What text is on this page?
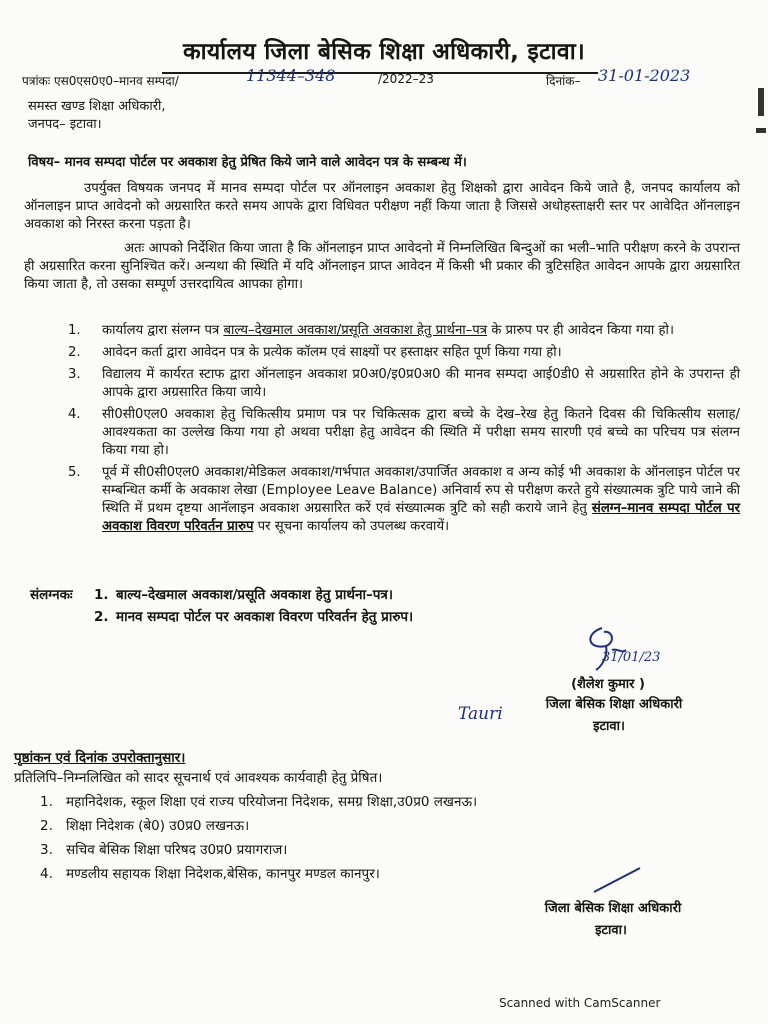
कार्यालय जिला बेसिक शिक्षा अधिकारी, इटावा।
पत्रांकः एस0एस0ए0–मानव सम्पदा/	11344–348	/2022–23	दिनांक– 31-01-2023
समस्त खण्ड शिक्षा अधिकारी,
जनपद– इटावा।
विषय– मानव सम्पदा पोर्टल पर अवकाश हेतु प्रेषित किये जाने वाले आवेदन पत्र के सम्बन्ध में।
उपर्युक्त विषयक जनपद में मानव सम्पदा पोर्टल पर ऑनलाइन अवकाश हेतु शिक्षको द्वारा आवेदन किये जाते है, जनपद कार्यालय को ऑनलाइन प्राप्त आवेदनो को अग्रसारित करते समय आपके द्वारा विधिवत परीक्षण नहीं किया जाता है जिससे अधोहस्ताक्षरी स्तर पर आवेदित ऑनलाइन अवकाश को निरस्त करना पड़ता है।
अतः आपको निर्देशित किया जाता है कि ऑनलाइन प्राप्त आवेदनो में निम्नलिखित बिन्दुओं का भली–भाति परीक्षण करने के उपरान्त ही अग्रसारित करना सुनिश्चित करें। अन्यथा की स्थिति में यदि ऑनलाइन प्राप्त आवेदन में किसी भी प्रकार की त्रुटिसहित आवेदन आपके द्वारा अग्रसारित किया जाता है, तो उसका सम्पूर्ण उत्तरदायित्व आपका होगा।
1.	कार्यालय द्वारा संलग्न पत्र बाल्य–देखमाल अवकाश/प्रसूति अवकाश हेतु प्रार्थना–पत्र के प्रारुप पर ही आवेदन किया गया हो।
2.	आवेदन कर्ता द्वारा आवेदन पत्र के प्रत्येक कॉलम एवं साक्ष्यों पर हस्ताक्षर सहित पूर्ण किया गया हो।
3.	विद्यालय में कार्यरत स्टाफ द्वारा ऑनलाइन अवकाश प्र0अ0/इ0प्र0अ0 की मानव सम्पदा आई0डी0 से अग्रसारित होने के उपरान्त ही आपके द्वारा अग्रसारित किया जाये।
4.	सी0सी0एल0 अवकाश हेतु चिकित्सीय प्रमाण पत्र पर चिकित्सक द्वारा बच्चे के देख–रेख हेतु कितने दिवस की चिकित्सीय सलाह/आवश्यकता का उल्लेख किया गया हो अथवा परीक्षा हेतु आवेदन की स्थिति में परीक्षा समय सारणी एवं बच्चे का परिचय पत्र संलग्न किया गया हो।
5.	पूर्व में सी0सी0एल0 अवकाश/मेडिकल अवकाश/गर्भपात अवकाश/उपार्जित अवकाश व अन्य कोई भी अवकाश के ऑनलाइन पोर्टल पर सम्बन्धित कर्मी के अवकाश लेखा (Employee Leave Balance) अनिवार्य रुप से परीक्षण करते हुये संख्यात्मक त्रुटि पाये जाने की स्थिति में प्रथम दृष्टया आनॅलाइन अवकाश अग्रसारित करें एवं संख्यात्मक त्रुटि को सही कराये जाने हेतु संलग्न–मानव सम्पदा पोर्टल पर अवकाश विवरण परिवर्तन प्रारुप पर सूचना कार्यालय को उपलब्ध करवायें।
संलग्नकः	1. बाल्य–देखमाल अवकाश/प्रसूति अवकाश हेतु प्रार्थना–पत्र।
2. मानव सम्पदा पोर्टल पर अवकाश विवरण परिवर्तन हेतु प्रारुप।
31/01/23
(शैलेश कुमार )
Tauri	जिला बेसिक शिक्षा अधिकारी
इटावा।
पृष्ठांकन एवं दिनांक उपरोक्तानुसार।
प्रतिलिपि–निम्नलिखित को सादर सूचनार्थ एवं आवश्यक कार्यवाही हेतु प्रेषित।
1. महानिदेशक, स्कूल शिक्षा एवं राज्य परियोजना निदेशक, समग्र शिक्षा,उ0प्र0 लखनऊ।
2. शिक्षा निदेशक (बे0) उ0प्र0 लखनऊ।
3. सचिव बेसिक शिक्षा परिषद उ0प्र0 प्रयागराज।
4. मण्डलीय सहायक शिक्षा निदेशक,बेसिक, कानपुर मण्डल कानपुर।
जिला बेसिक शिक्षा अधिकारी
इटावा।
Scanned with CamScanner
